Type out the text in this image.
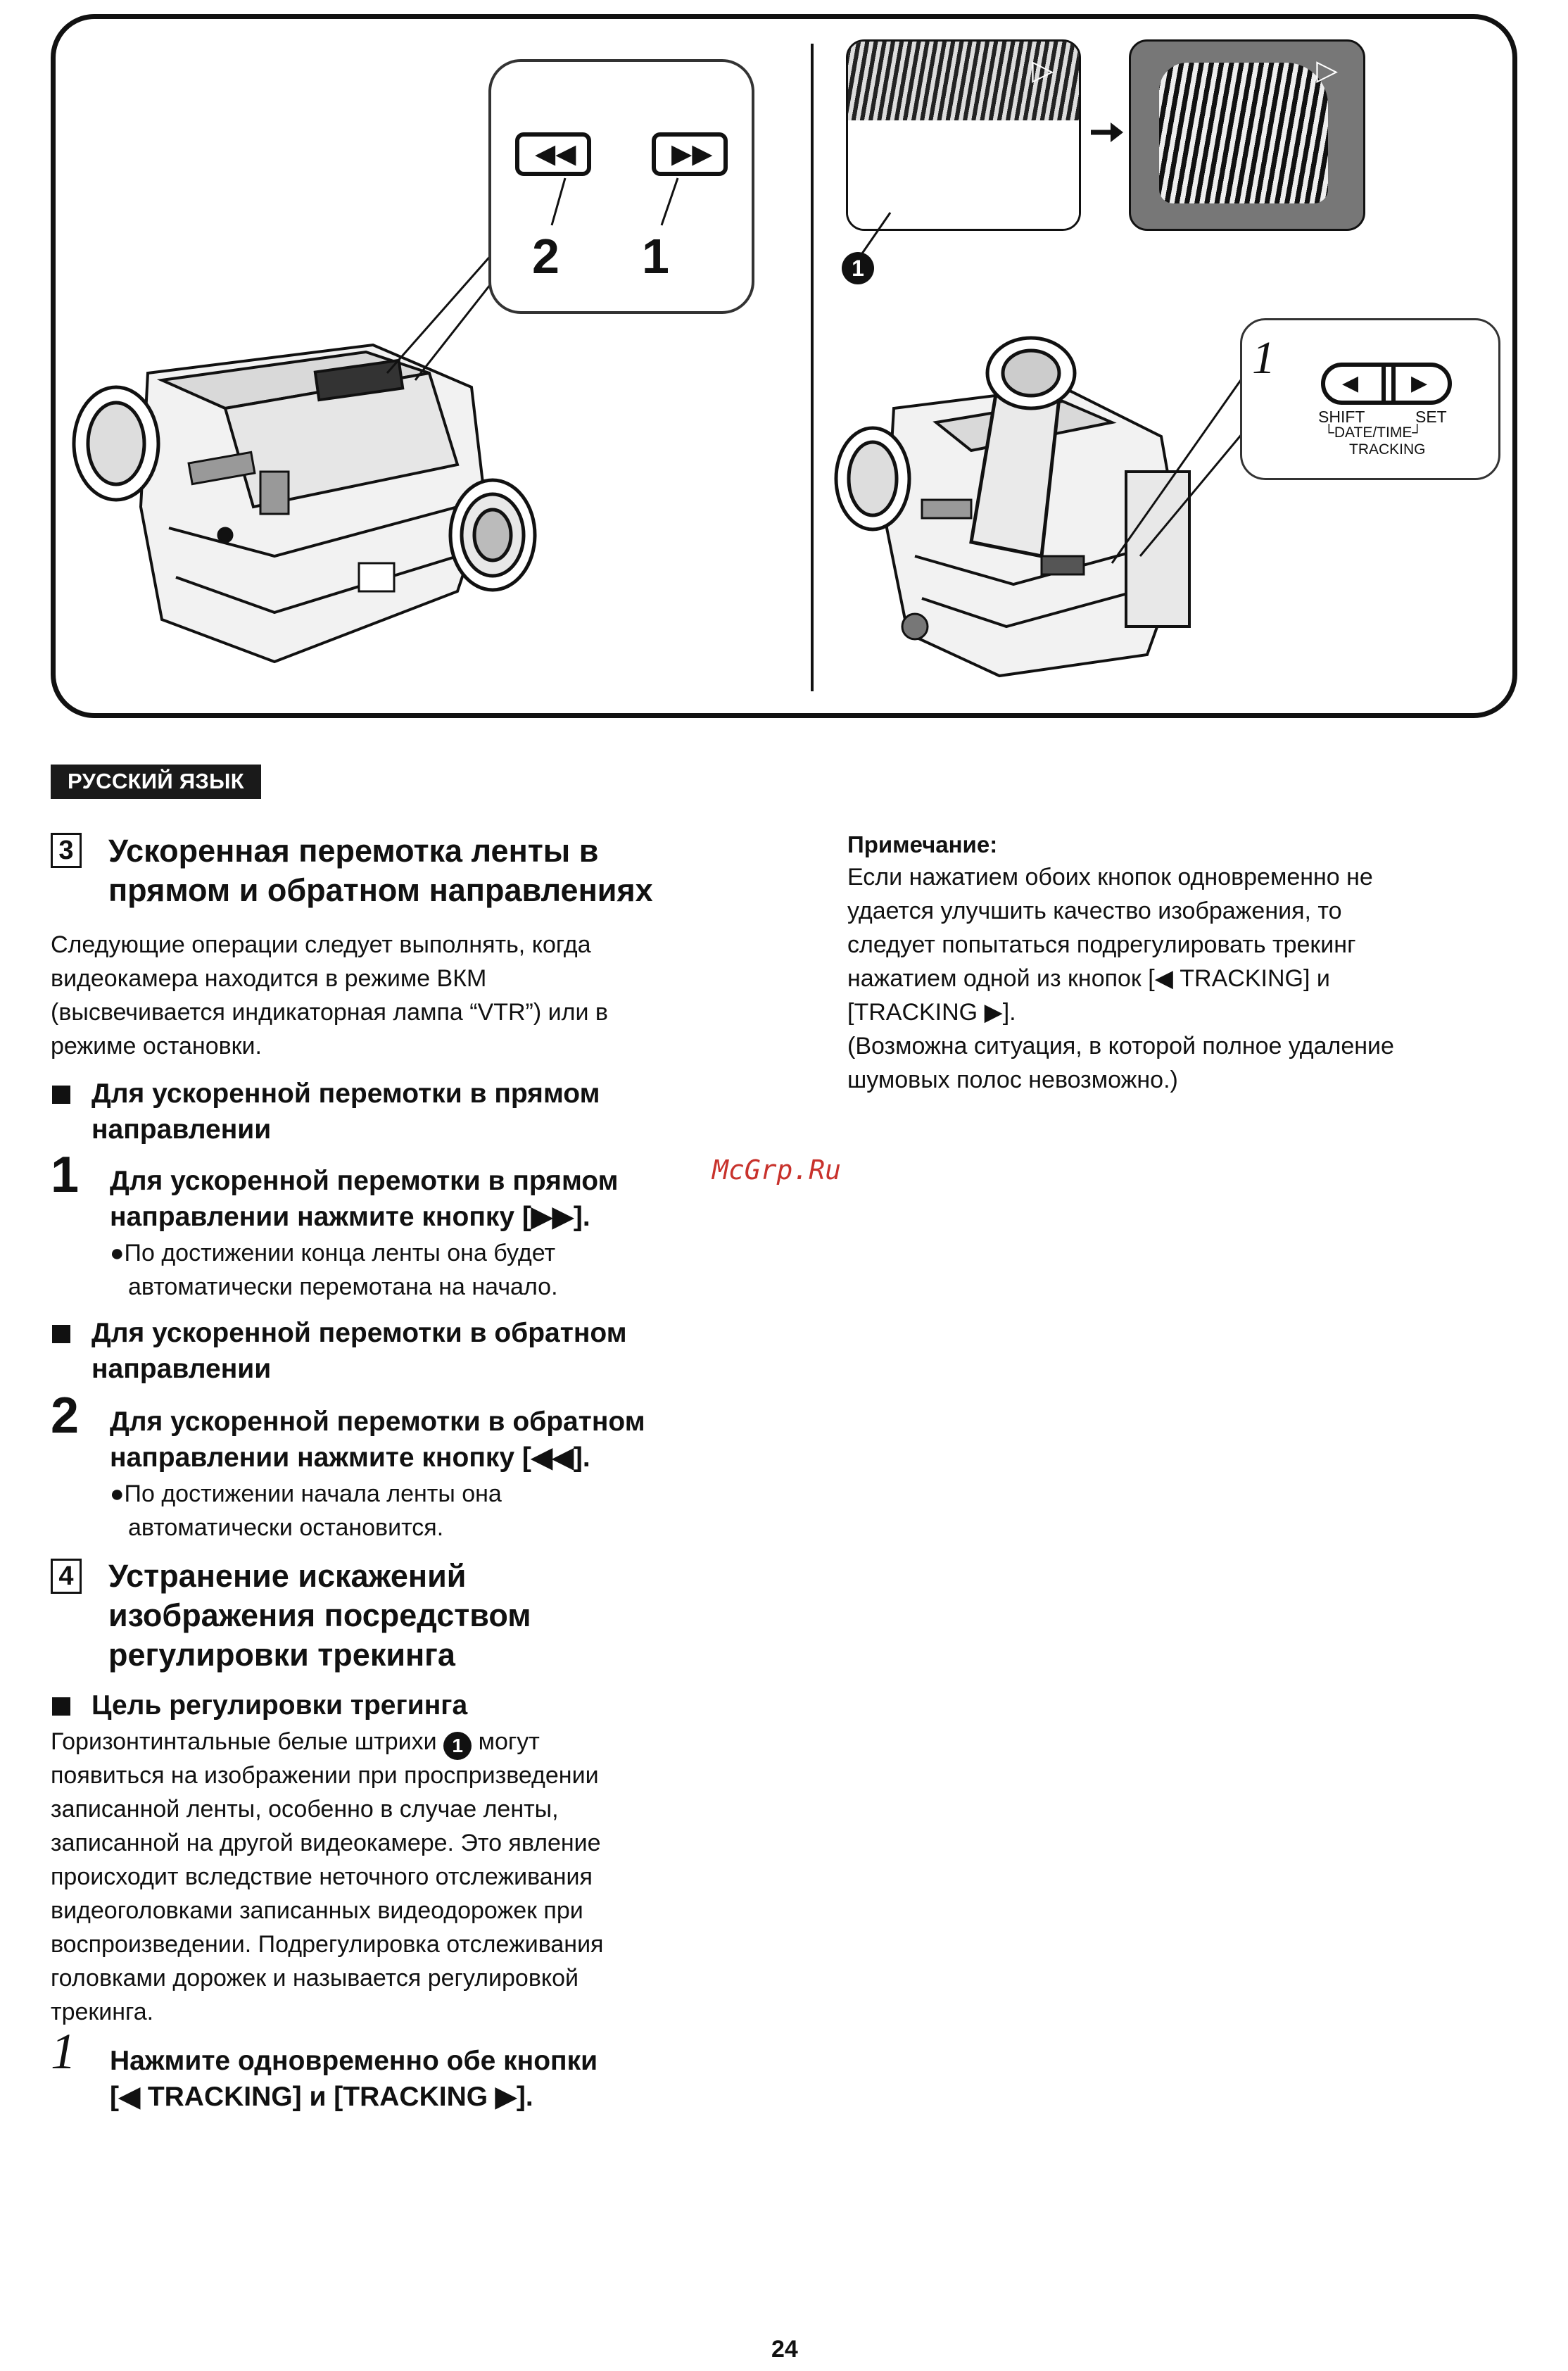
◀◀	▶▶
2 1
▷	▷
1
1	◀ ▶
SHIFT	SET
└DATE/TIME┘
TRACKING
РУССКИЙ ЯЗЫК
3 Ускоренная перемотка ленты в
прямом и обратном направлениях
Следующие операции следует выполнять, когда
видеокамера находится в режиме ВКМ
(высвечивается индикаторная лампа “VTR”) или в
режиме остановки.
Для ускоренной перемотки в прямом
направлении
1 Для ускоренной перемотки в прямом
направлении нажмите кнопку [▶▶].
●По достижении конца ленты она будет
автоматически перемотана на начало.
Для ускоренной перемотки в обратном
направлении
2 Для ускоренной перемотки в обратном
направлении нажмите кнопку [◀◀].
●По достижении начала ленты она
автоматически остановится.
4 Устранение искажений
изображения посредством
регулировки трекинга
Цель регулировки трегинга
Горизонтинтальные белые штрихи 1 могут
появиться на изображении при проспризведении
записанной ленты, особенно в случае ленты,
записанной на другой видеокамере. Это явление
происходит вследствие неточного отслеживания
видеоголовками записанных видеодорожек при
воспроизведении. Подрегулировка отслеживания
головками дорожек и называется регулировкой
трекинга.
1 Нажмите одновременно обе кнопки
[◀ TRACKING] и [TRACKING ▶].
Примечание:
Если нажатием обоих кнопок одновременно не
удается улучшить качество изображения, то
следует попытаться подрегулировать трекинг
нажатием одной из кнопок [◀ TRACKING] и
[TRACKING ▶].
(Возможна ситуация, в которой полное удаление
шумовых полос невозможно.)
McGrp.Ru
24
